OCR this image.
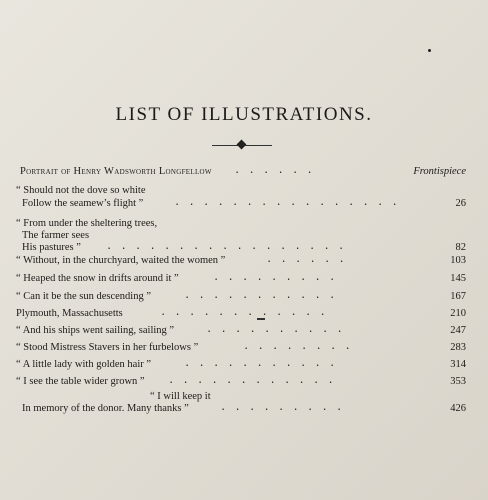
LIST OF ILLUSTRATIONS.
Portrait of Henry Wadsworth Longfellow	. . . . . .	Frontispiece
“ Should not the dove so white
Follow the seamew’s flight ”	. . . . . . . . . . . . . . . .	26
“ From under the sheltering trees,
The farmer sees
His pastures ”	. . . . . . . . . . . . . . . . .	82
“ Without, in the churchyard, waited the women ”	. . . . . .	103
“ Heaped the snow in drifts around it ”	. . . . . . . . .	145
“ Can it be the sun descending ”	. . . . . . . . . . .	167
Plymouth, Massachusetts	. . . . . . . . . . . .	210
“ And his ships went sailing, sailing ”	. . . . . . . . . .	247
“ Stood Mistress Stavers in her furbelows ”	. . . . . . . .	283
“ A little lady with golden hair ”	. . . . . . . . . . .	314
“ I see the table wider grown ”	. . . . . . . . . . . .	353
“ I will keep it
In memory of the donor. Many thanks ”	. . . . . . . . .	426
